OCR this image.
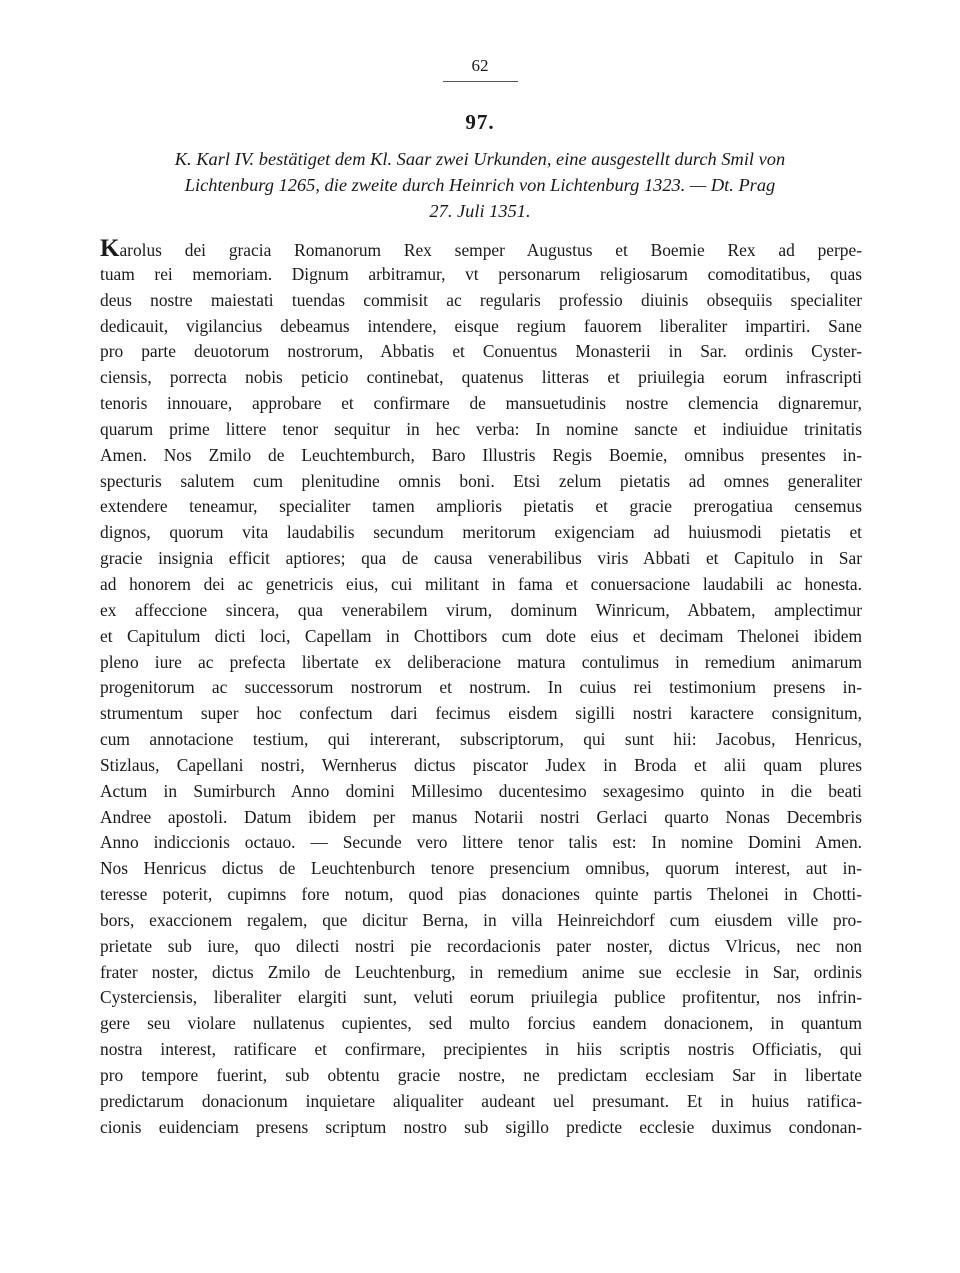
62
97.
K. Karl IV. bestätiget dem Kl. Saar zwei Urkunden, eine ausgestellt durch Smil von
Lichtenburg 1265, die zweite durch Heinrich von Lichtenburg 1323. — Dt. Prag
27. Juli 1351.
Karolus dei gracia Romanorum Rex semper Augustus et Boemie Rex ad perpe-
tuam rei memoriam. Dignum arbitramur, vt personarum religiosarum comoditatibus, quas
deus nostre maiestati tuendas commisit ac regularis professio diuinis obsequiis specialiter
dedicauit, vigilancius debeamus intendere, eisque regium fauorem liberaliter impartiri. Sane
pro parte deuotorum nostrorum, Abbatis et Conuentus Monasterii in Sar. ordinis Cyster-
ciensis, porrecta nobis peticio continebat, quatenus litteras et priuilegia eorum infrascripti
tenoris innouare, approbare et confirmare de mansuetudinis nostre clemencia dignaremur,
quarum prime littere tenor sequitur in hec verba: In nomine sancte et indiuidue trinitatis
Amen. Nos Zmilo de Leuchtemburch, Baro Illustris Regis Boemie, omnibus presentes in-
specturis salutem cum plenitudine omnis boni. Etsi zelum pietatis ad omnes generaliter
extendere teneamur, specialiter tamen amplioris pietatis et gracie prerogatiua censemus
dignos, quorum vita laudabilis secundum meritorum exigenciam ad huiusmodi pietatis et
gracie insignia efficit aptiores; qua de causa venerabilibus viris Abbati et Capitulo in Sar
ad honorem dei ac genetricis eius, cui militant in fama et conuersacione laudabili ac honesta.
ex affeccione sincera, qua venerabilem virum, dominum Winricum, Abbatem, amplectimur
et Capitulum dicti loci, Capellam in Chottibors cum dote eius et decimam Thelonei ibidem
pleno iure ac prefecta libertate ex deliberacione matura contulimus in remedium animarum
progenitorum ac successorum nostrorum et nostrum. In cuius rei testimonium presens in-
strumentum super hoc confectum dari fecimus eisdem sigilli nostri karactere consignitum,
cum annotacione testium, qui intererant, subscriptorum, qui sunt hii: Jacobus, Henricus,
Stizlaus, Capellani nostri, Wernherus dictus piscator Judex in Broda et alii quam plures
Actum in Sumirburch Anno domini Millesimo ducentesimo sexagesimo quinto in die beati
Andree apostoli. Datum ibidem per manus Notarii nostri Gerlaci quarto Nonas Decembris
Anno indiccionis octauo. — Secunde vero littere tenor talis est: In nomine Domini Amen.
Nos Henricus dictus de Leuchtenburch tenore presencium omnibus, quorum interest, aut in-
teresse poterit, cupimns fore notum, quod pias donaciones quinte partis Thelonei in Chotti-
bors, exaccionem regalem, que dicitur Berna, in villa Heinreichdorf cum eiusdem ville pro-
prietate sub iure, quo dilecti nostri pie recordacionis pater noster, dictus Vlricus, nec non
frater noster, dictus Zmilo de Leuchtenburg, in remedium anime sue ecclesie in Sar, ordinis
Cysterciensis, liberaliter elargiti sunt, veluti eorum priuilegia publice profitentur, nos infrin-
gere seu violare nullatenus cupientes, sed multo forcius eandem donacionem, in quantum
nostra interest, ratificare et confirmare, precipientes in hiis scriptis nostris Officiatis, qui
pro tempore fuerint, sub obtentu gracie nostre, ne predictam ecclesiam Sar in libertate
predictarum donacionum inquietare aliqualiter audeant uel presumant. Et in huius ratifica-
cionis euidenciam presens scriptum nostro sub sigillo predicte ecclesie duximus condonan-
